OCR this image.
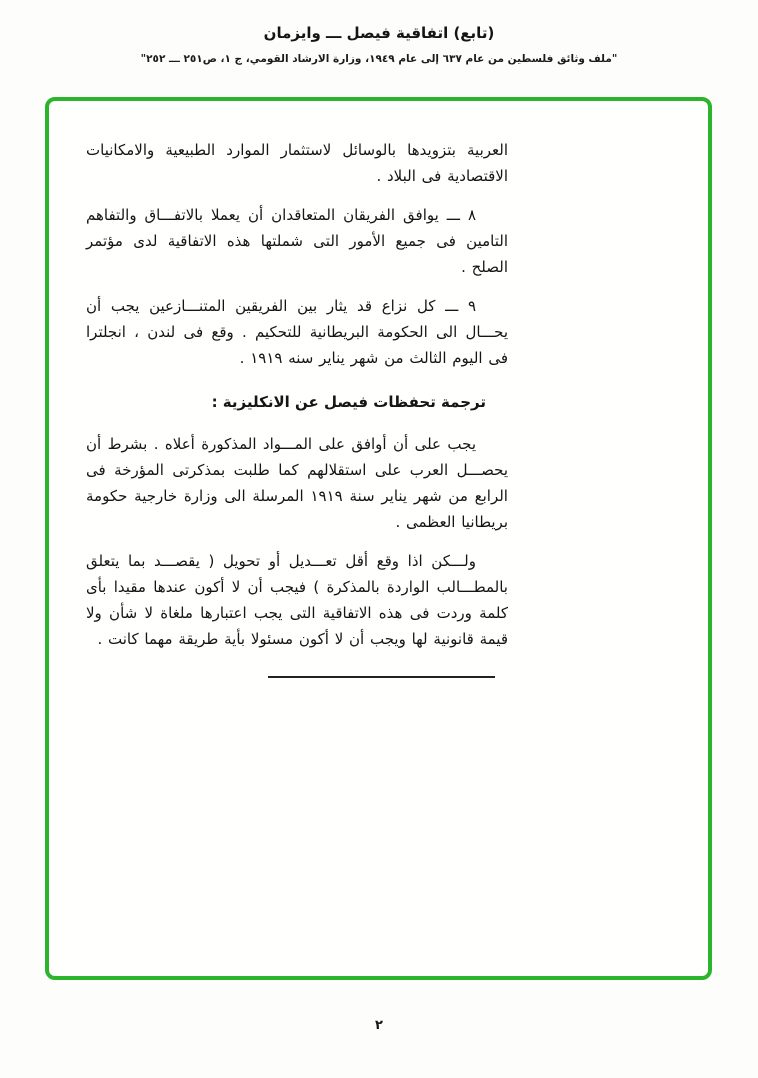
(تابع) اتفاقية فيصل ـــ وايزمان
"ملف وثائق فلسطين من عام ٦٣٧ إلى عام ١٩٤٩، وزارة الارشاد القومي، ج ١، ص٢٥١ ـــ ٢٥٢"

العربية بتزويدها بالوسائل لاستثمار الموارد الطبيعية والامكانيات الاقتصادية فى البلاد .

٨ ـــ يوافق الفريقان المتعاقدان أن يعملا بالاتفـــاق والتفاهم التامين فى جميع الأمور التى شملتها هذه الاتفاقية لدى مؤتمر الصلح .

٩ ـــ كل نزاع قد يثار بين الفريقين المتنـــازعين يجب أن يحـــال الى الحكومة البريطانية للتحكيم . وقع فى لندن ، انجلترا فى اليوم الثالث من شهر يناير سنه ١٩١٩ .

ترجمة تحفظات فيصل عن الانكليزية :

يجب على أن أوافق على المـــواد المذكورة أعلاه . بشرط أن يحصـــل العرب على استقلالهم كما طلبت بمذكرتى المؤرخة فى الرابع من شهر يناير سنة ١٩١٩ المرسلة الى وزارة خارجية حكومة بريطانيا العظمى .

ولـــكن اذا وقع أقل تعـــديل أو تحويل ( يقصـــد بما يتعلق بالمطـــالب الواردة بالمذكرة ) فيجب أن لا أكون عندها مقيدا بأى كلمة وردت فى هذه الاتفاقية التى يجب اعتبارها ملغاة لا شأن ولا قيمة قانونية لها ويجب أن لا أكون مسئولا بأية طريقة مهما كانت .

٢
